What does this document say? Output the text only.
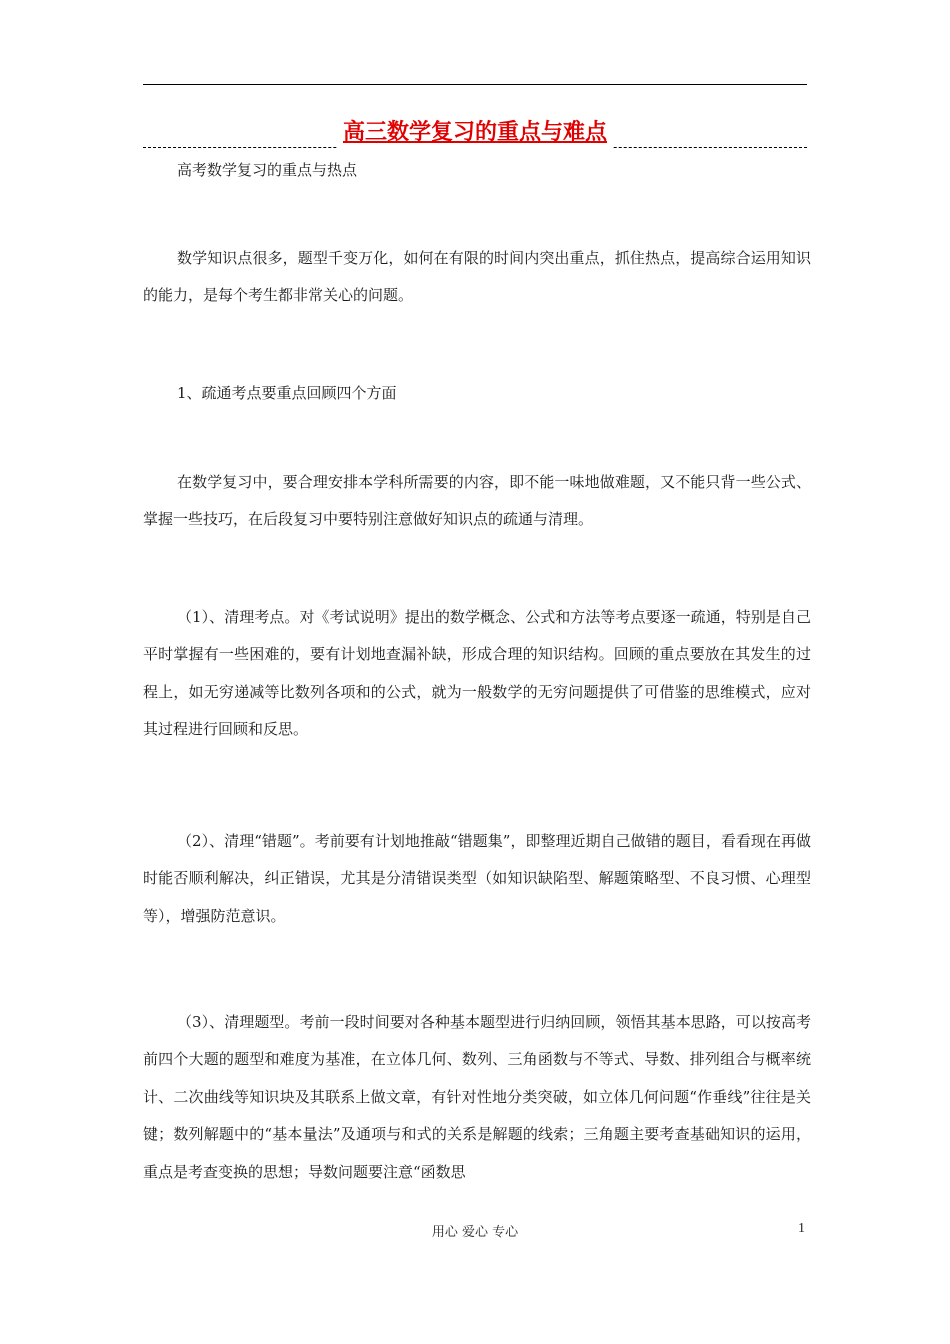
高三数学复习的重点与难点

高考数学复习的重点与热点

数学知识点很多，题型千变万化，如何在有限的时间内突出重点，抓住热点，提高综合运用知识的能力，是每个考生都非常关心的问题。

1、疏通考点要重点回顾四个方面

在数学复习中，要合理安排本学科所需要的内容，即不能一味地做难题，又不能只背一些公式、掌握一些技巧，在后段复习中要特别注意做好知识点的疏通与清理。

（1）、清理考点。对《考试说明》提出的数学概念、公式和方法等考点要逐一疏通，特别是自己平时掌握有一些困难的，要有计划地查漏补缺，形成合理的知识结构。回顾的重点要放在其发生的过程上，如无穷递减等比数列各项和的公式，就为一般数学的无穷问题提供了可借鉴的思维模式，应对其过程进行回顾和反思。

（2）、清理“错题”。考前要有计划地推敲“错题集”，即整理近期自己做错的题目，看看现在再做时能否顺利解决，纠正错误，尤其是分清错误类型（如知识缺陷型、解题策略型、不良习惯、心理型等），增强防范意识。

（3）、清理题型。考前一段时间要对各种基本题型进行归纳回顾，领悟其基本思路，可以按高考前四个大题的题型和难度为基准，在立体几何、数列、三角函数与不等式、导数、排列组合与概率统计、二次曲线等知识块及其联系上做文章，有针对性地分类突破，如立体几何问题“作垂线”往往是关键；数列解题中的“基本量法”及通项与和式的关系是解题的线索；三角题主要考查基础知识的运用，重点是考查变换的思想；导数问题要注意“函数思

用心 爱心 专心	1
